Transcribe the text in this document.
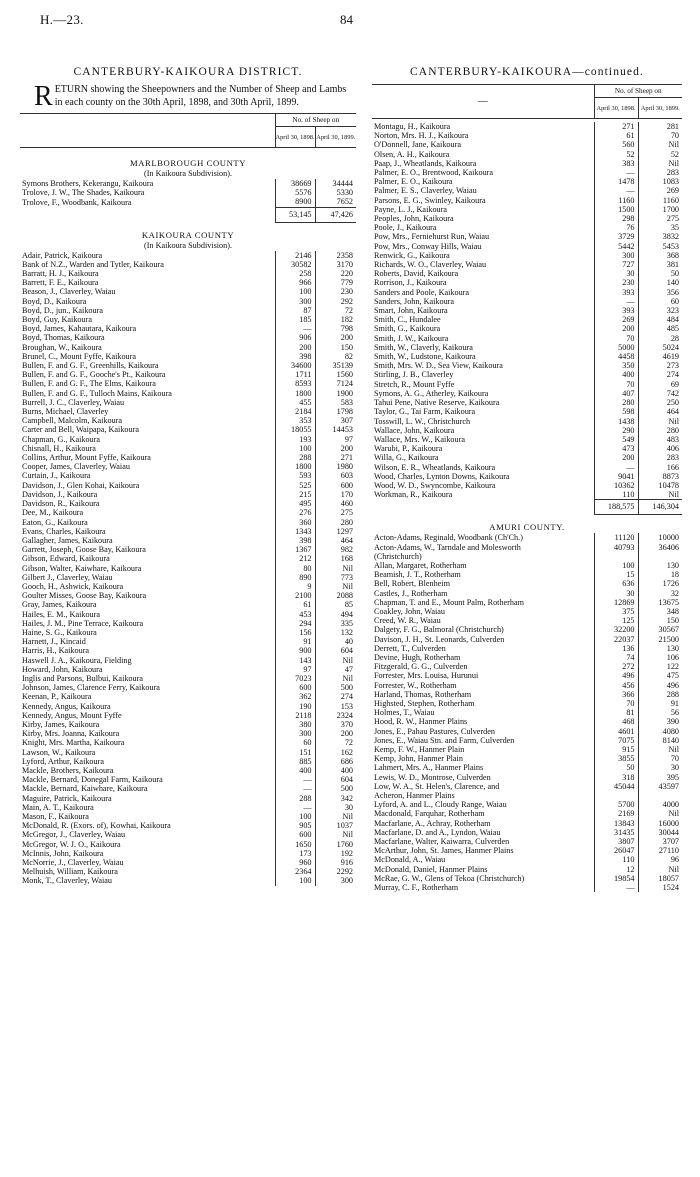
H.—23.	84
CANTERBURY-KAIKOURA DISTRICT.
RETURN showing the Sheepowners and the Number of Sheep and Lambs in each county on the 30th April, 1898, and 30th April, 1899.
	No. of Sheep on	
	April 30, 1898.	April 30, 1899.
MARLBOROUGH COUNTY		
(In Kaikoura Subdivision).		
Symons Brothers, Kekerangu, Kaikoura	38669	34444
Trolove, J. W., The Shades, Kaikoura	5576	5330
Trolove, F., Woodbank, Kaikoura	8900	7652
	53,145	47,426
KAIKOURA COUNTY		
(In Kaikoura Subdivision).		
Adair, Patrick, Kaikoura	2146	2358
Bank of N.Z., Warden and Tytler, Kaikoura	30582	3170
Barratt, H. J., Kaikoura	258	220
Barrett, F. E., Kaikoura	966	779
Beason, J., Claverley, Waiau	100	230
Boyd, D., Kaikoura	300	292
Boyd, D., jun., Kaikoura	87	72
Boyd, Guy, Kaikoura	185	182
Boyd, James, Kahautara, Kaikoura	—	798
Boyd, Thomas, Kaikoura	906	200
Broughan, W., Kaikoura	200	150
Brunel, C., Mount Fyffe, Kaikoura	398	82
Bullen, F. and G. F., Greenhills, Kaikoura	34600	35139
Bullen, F. and G. F., Gooche's Pt., Kaikoura	1711	1560
Bullen, F. and G. F., The Elms, Kaikoura	8593	7124
Bullen, F. and G. F., Tulloch Mains, Kaikoura	1800	1900
Burrell, J. C., Claverley, Waiau	455	583
Burns, Michael, Claverley	2184	1798
Campbell, Malcolm, Kaikoura	353	307
Carter and Bell, Waipapa, Kaikoura	18055	14453
Chapman, G., Kaikoura	193	97
Chisnall, H., Kaikoura	100	200
Collins, Arthur, Mount Fyffe, Kaikoura	288	271
Cooper, James, Claverley, Waiau	1800	1980
Curtain, J., Kaikoura	593	603
Davidson, J., Glen Kohai, Kaikoura	525	600
Davidson, J., Kaikoura	215	170
Davidson, R., Kaikoura	495	460
Dee, M., Kaikoura	276	275
Eaton, G., Kaikoura	360	280
Evans, Charles, Kaikoura	1343	1297
Gallagher, James, Kaikoura	398	464
Garrett, Joseph, Goose Bay, Kaikoura	1367	982
Gibson, Edward, Kaikoura	212	168
Gibson, Walter, Kaiwhare, Kaikoura	80	Nil
Gilbert J., Claverley, Waiau	890	773
Gooch, H., Ashwick, Kaikoura	9	Nil
Goulter Misses, Goose Bay, Kaikoura	2100	2088
Gray, James, Kaikoura	61	85
Hailes, E. M., Kaikoura	453	494
Hailes, J. M., Pine Terrace, Kaikoura	294	335
Haine, S. G., Kaikoura	156	132
Harnett, J., Kincaid	91	40
Harris, H., Kaikoura	900	604
Haswell J. A., Kaikoura, Fielding	143	Nil
Howard, John, Kaikoura	97	47
Inglis and Parsons, Bulbui, Kaikoura	7023	Nil
Johnson, James, Clarence Ferry, Kaikoura	600	500
Keenan, P., Kaikoura	362	274
Kennedy, Angus, Kaikoura	190	153
Kennedy, Angus, Mount Fyffe	2118	2324
Kirby, James, Kaikoura	380	370
Kirby, Mrs. Joanna, Kaikoura	300	200
Knight, Mrs. Martha, Kaikoura	60	72
Lawson, W., Kaikoura	151	162
Lyford, Arthur, Kaikoura	885	686
Mackle, Brothers, Kaikoura	400	400
Mackle, Bernard, Donegal Farm, Kaikoura	—	604
Mackle, Bernard, Kaiwhare, Kaikoura	—	500
Maguire, Patrick, Kaikoura	288	342
Main, A. T., Kaikoura	—	30
Mason, F., Kaikoura	100	Nil
McDonald, R. (Exors. of), Kowhai, Kaikoura	905	1037
McGregor, J., Claverley, Waiau	600	Nil
McGregor, W. J. O., Kaikoura	1650	1760
McInnis, John, Kaikoura	173	192
McNorrie, J., Claverley, Waiau	960	916
Melhuish, William, Kaikoura	2364	2292
Monk, T., Claverley, Waiau	100	300
CANTERBURY-KAIKOURA—continued.
—	No. of Sheep on	
	April 30, 1898.	April 30, 1899.
Montagu, H., Kaikoura	271	281
Norton, Mrs. H. J., Kaikoura	61	70
O'Donnell, Jane, Kaikoura	560	Nil
Olsen, A. H., Kaikoura	52	52
Paap, J., Wheatlands, Kaikoura	383	Nil
Palmer, E. O., Brentwood, Kaikoura	—	283
Palmer, E. O., Kaikoura	1478	1083
Palmer, E. S., Claverley, Waiau	—	269
Parsons, E. G., Swinley, Kaikoura	1160	1160
Payne, L. J., Kaikoura	1500	1700
Peoples, John, Kaikoura	298	275
Poole, J., Kaikoura	76	35
Pow, Mrs., Ferniehurst Run, Waiau	3729	3832
Pow, Mrs., Conway Hills, Waiau	5442	5453
Renwick, G., Kaikoura	300	368
Richards, W. O., Claverley, Waiau	727	381
Roberts, David, Kaikoura	30	50
Rorrison, J., Kaikoura	230	140
Sanders and Poole, Kaikoura	393	356
Sanders, John, Kaikoura	—	60
Smart, John, Kaikoura	393	323
Smith, C., Hundalee	269	484
Smith, G., Kaikoura	200	485
Smith, J. W., Kaikoura	70	28
Smith, W., Claverly, Kaikoura	5000	5024
Smith, W., Ludstone, Kaikoura	4458	4619
Smith, Mrs. W. D., Sea View, Kaikoura	350	273
Stirling, J. B., Claverley	400	274
Stretch, R., Mount Fyffe	70	69
Symons, A. G., Atherley, Kaikoura	407	742
Tahui Pene, Native Reserve, Kaikoura	280	250
Taylor, G., Tai Farm, Kaikoura	598	464
Tosswill, L. W., Christchurch	1438	Nil
Wallace, John, Kaikoura	290	280
Wallace, Mrs. W., Kaikoura	549	483
Warubi, P., Kaikoura	473	406
Willa, G., Kaikoura	200	283
Wilson, E. R., Wheatlands, Kaikoura	—	166
Wood, Charles, Lynton Downs, Kaikoura	9041	8873
Wood, W. D., Swyncombe, Kaikoura	10362	10478
Workman, R., Kaikoura	110	Nil
	188,575	146,304
AMURI COUNTY.		
Acton-Adams, Reginald, Woodbank (Ch'Ch.)	11120	10000
Acton-Adams, W., Tarndale and Molesworth	40793	36406
(Christchurch)		
Allan, Margaret, Rotherham	100	130
Beamish, J. T., Rotherham	15	18
Bell, Robert, Blenheim	636	1726
Castles, J., Rotherham	30	32
Chapman, T. and E., Mount Palm, Rotherham	12869	13675
Coakley, John, Waiau	375	348
Creed, W. R., Waiau	125	150
Dalgety, F. G., Balmoral (Christchurch)	32200	30567
Davison, J. H., St. Leonards, Culverden	22037	21500
Derrett, T., Culverden	136	130
Devine, Hugh, Rotherham	74	106
Fitzgerald, G. G., Culverden	272	122
Forrester, Mrs. Louisa, Hurunui	496	475
Forrester, W., Rotherham	456	496
Harland, Thomas, Rotherham	366	288
Highsted, Stephen, Rotherham	70	91
Holmes, T., Waiau	81	56
Hood, R. W., Hanmer Plains	468	390
Jones, E., Pahau Pastures, Culverden	4601	4080
Jones, E., Waiau Stn. and Farm, Culverden	7075	8140
Kemp, F. W., Hanmer Plain	915	Nil
Kemp, John, Hanmer Plain	3855	70
Lahmert, Mrs. A., Hanmer Plains	50	30
Lewis, W. D., Montrose, Culverden	318	395
Low, W. A., St. Helen's, Clarence, and	45044	43597
Acheron, Hanmer Plains		
Lyford, A. and L., Cloudy Range, Waiau	5700	4000
Macdonald, Farquhar, Rotherham	2169	Nil
Macfarlane, A., Achray, Rotherham	13843	16000
Macfarlane, D. and A., Lyndon, Waiau	31435	30044
Macfarlane, Walter, Kaiwarra, Culverden	3807	3707
McArthur, John, St. James, Hanmer Plains	26047	27110
McDonald, A., Waiau	110	96
McDonald, Daniel, Hanmer Plains	12	Nil
McRae, G. W., Glens of Tekoa (Christchurch)	19854	18057
Murray, C. F., Rotherham	—	1524
